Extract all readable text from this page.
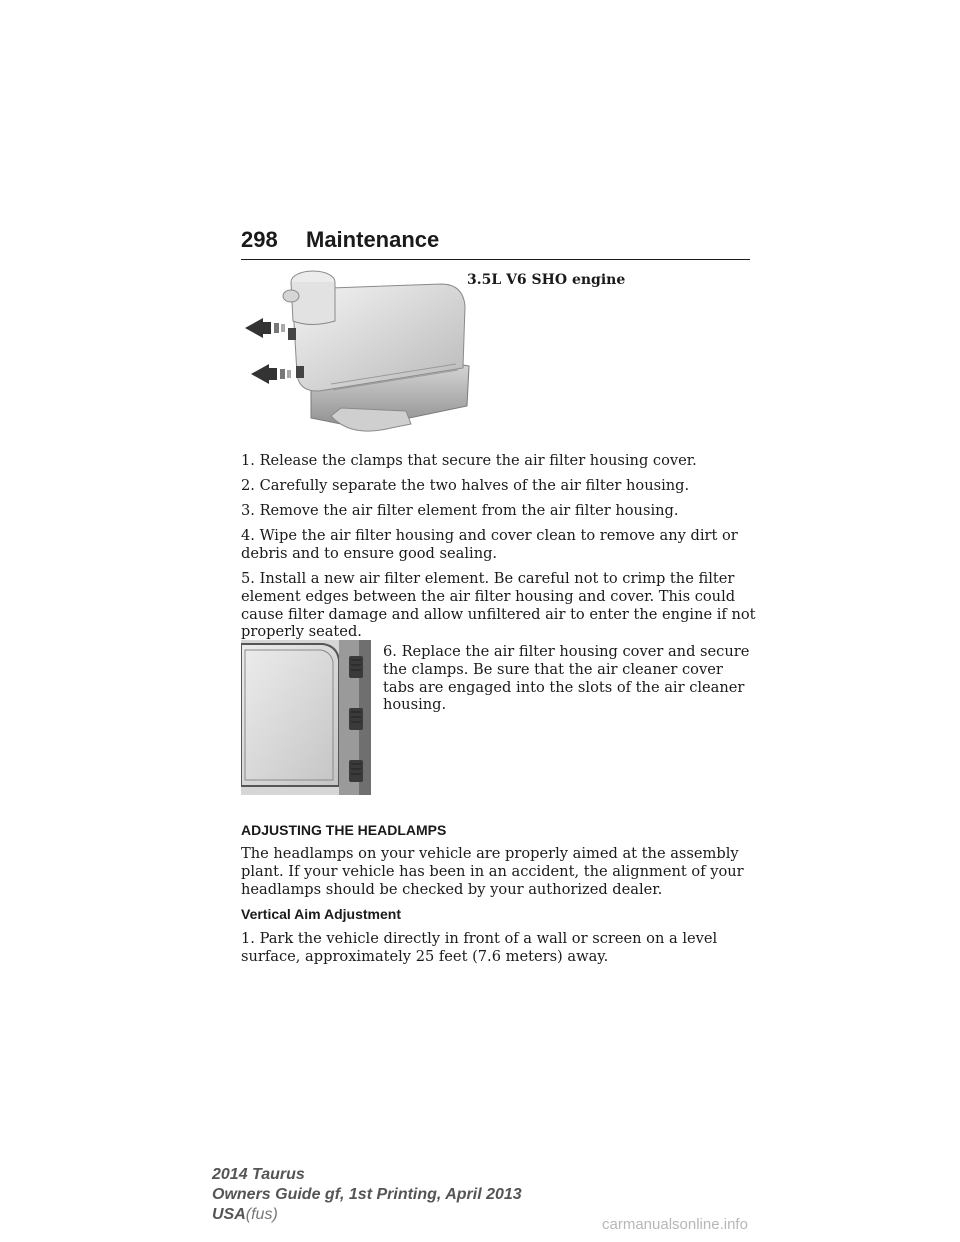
298 Maintenance
3.5L V6 SHO engine

1. Release the clamps that secure the air filter housing cover.

2. Carefully separate the two halves of the air filter housing.

3. Remove the air filter element from the air filter housing.

4. Wipe the air filter housing and cover clean to remove any dirt or debris and to ensure good sealing.

5. Install a new air filter element. Be careful not to crimp the filter element edges between the air filter housing and cover. This could cause filter damage and allow unfiltered air to enter the engine if not properly seated.

6. Replace the air filter housing cover and secure the clamps. Be sure that the air cleaner cover tabs are engaged into the slots of the air cleaner housing.

ADJUSTING THE HEADLAMPS

The headlamps on your vehicle are properly aimed at the assembly plant. If your vehicle has been in an accident, the alignment of your headlamps should be checked by your authorized dealer.

Vertical Aim Adjustment

1. Park the vehicle directly in front of a wall or screen on a level surface, approximately 25 feet (7.6 meters) away.

2014 Taurus
Owners Guide gf, 1st Printing, April 2013
USA(fus)
carmanualsonline.info
